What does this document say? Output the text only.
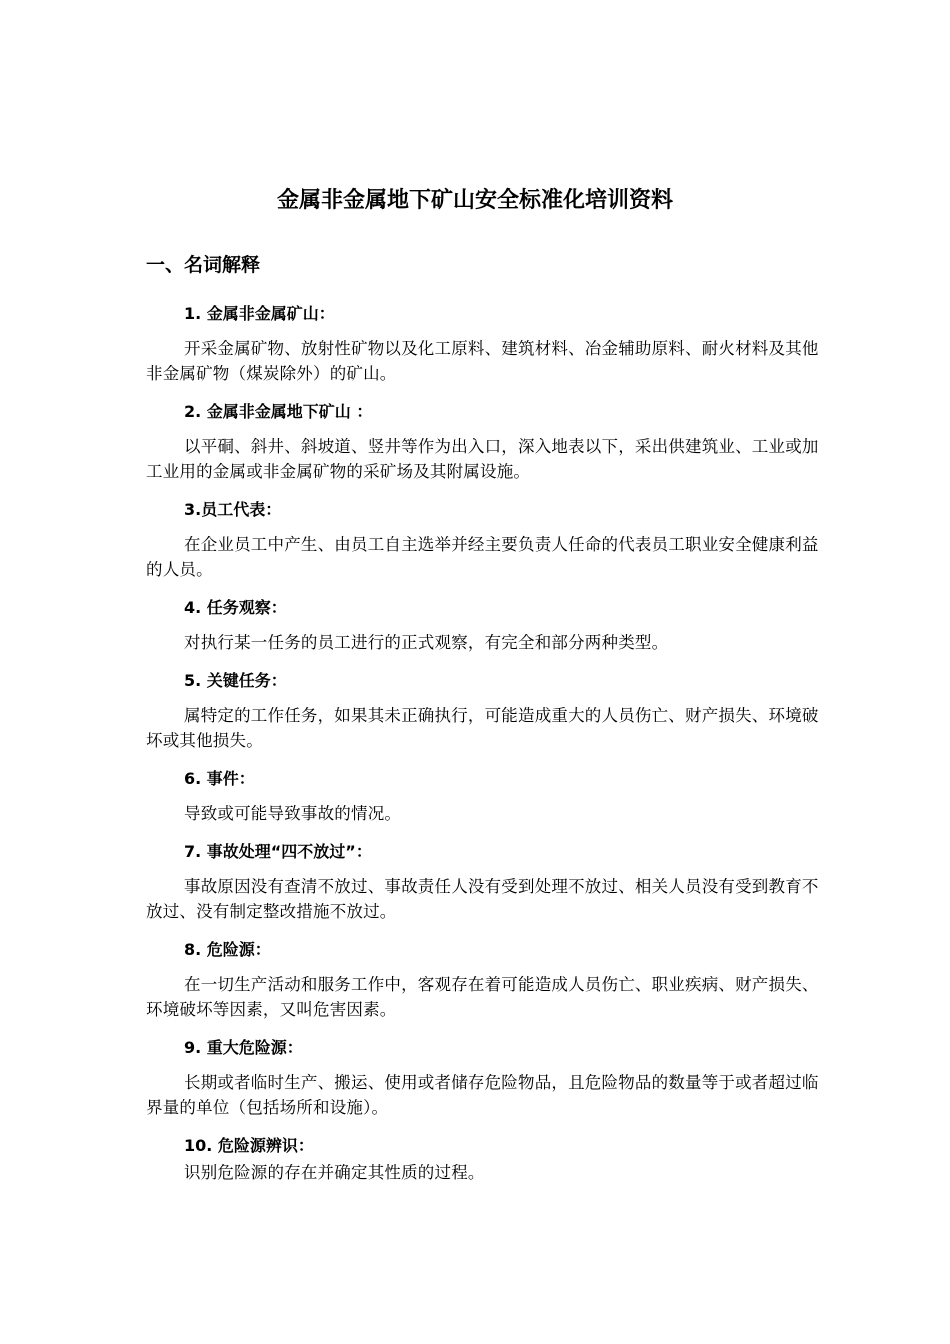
金属非金属地下矿山安全标准化培训资料
一、名词解释

1. 金属非金属矿山：

开采金属矿物、放射性矿物以及化工原料、建筑材料、冶金辅助原料、耐火材料及其他非金属矿物（煤炭除外）的矿山。

2. 金属非金属地下矿山 ：

以平硐、斜井、斜坡道、竖井等作为出入口，深入地表以下，采出供建筑业、工业或加工业用的金属或非金属矿物的采矿场及其附属设施。

3.员工代表：

在企业员工中产生、由员工自主选举并经主要负责人任命的代表员工职业安全健康利益的人员。

4. 任务观察：

对执行某一任务的员工进行的正式观察，有完全和部分两种类型。

5. 关键任务：

属特定的工作任务，如果其未正确执行，可能造成重大的人员伤亡、财产损失、环境破坏或其他损失。

6. 事件：

导致或可能导致事故的情况。

7. 事故处理“四不放过”：

事故原因没有查清不放过、事故责任人没有受到处理不放过、相关人员没有受到教育不放过、没有制定整改措施不放过。

8. 危险源：

在一切生产活动和服务工作中，客观存在着可能造成人员伤亡、职业疾病、财产损失、环境破坏等因素，又叫危害因素。

9. 重大危险源：

长期或者临时生产、搬运、使用或者储存危险物品，且危险物品的数量等于或者超过临界量的单位（包括场所和设施）。

10. 危险源辨识：

识别危险源的存在并确定其性质的过程。
